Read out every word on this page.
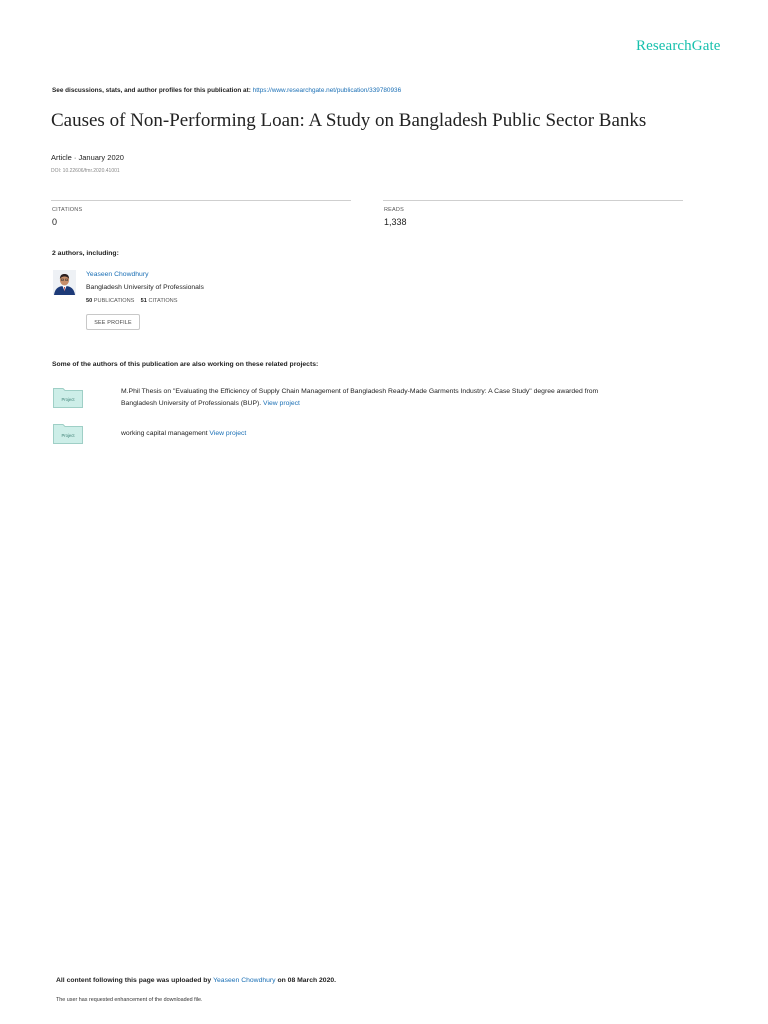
ResearchGate
See discussions, stats, and author profiles for this publication at: https://www.researchgate.net/publication/339780936
Causes of Non-Performing Loan: A Study on Bangladesh Public Sector Banks
Article · January 2020
DOI: 10.22606/fmr.2020.41001
CITATIONS
0
READS
1,338
2 authors, including:
Yeaseen Chowdhury
Bangladesh University of Professionals
50 PUBLICATIONS 51 CITATIONS
SEE PROFILE
Some of the authors of this publication are also working on these related projects:
Project
M.Phil Thesis on "Evaluating the Efficiency of Supply Chain Management of Bangladesh Ready-Made Garments Industry: A Case Study" degree awarded from
Bangladesh University of Professionals (BUP). View project
Project	working capital management View project
All content following this page was uploaded by Yeaseen Chowdhury on 08 March 2020.
The user has requested enhancement of the downloaded file.
